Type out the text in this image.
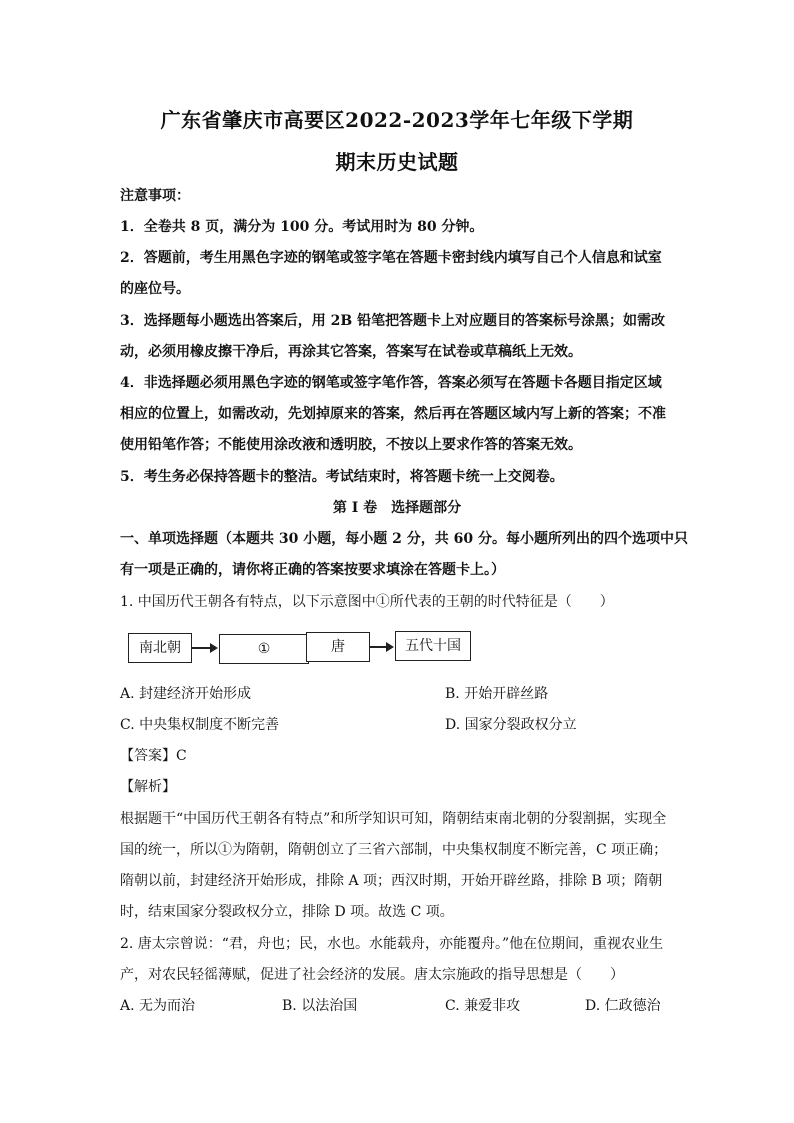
广东省肇庆市高要区2022-2023学年七年级下学期
期末历史试题
注意事项：
1．全卷共 8 页，满分为 100 分。考试用时为 80 分钟。
2．答题前，考生用黑色字迹的钢笔或签字笔在答题卡密封线内填写自己个人信息和试室
的座位号。
3．选择题每小题选出答案后，用 2B 铅笔把答题卡上对应题目的答案标号涂黑；如需改
动，必须用橡皮擦干净后，再涂其它答案，答案写在试卷或草稿纸上无效。
4．非选择题必须用黑色字迹的钢笔或签字笔作答，答案必须写在答题卡各题目指定区域
相应的位置上，如需改动，先划掉原来的答案，然后再在答题区域内写上新的答案；不准
使用铅笔作答；不能使用涂改液和透明胶，不按以上要求作答的答案无效。
5．考生务必保持答题卡的整洁。考试结束时，将答题卡统一上交阅卷。
第 I 卷　选择题部分
一、单项选择题（本题共 30 小题，每小题 2 分，共 60 分。每小题所列出的四个选项中只
有一项是正确的，请你将正确的答案按要求填涂在答题卡上。）
1. 中国历代王朝各有特点，以下示意图中①所代表的王朝的时代特征是（　　）
南北朝	①	唐	五代十国
A. 封建经济开始形成	B. 开始开辟丝路
C. 中央集权制度不断完善	D. 国家分裂政权分立
【答案】C
【解析】
根据题干“中国历代王朝各有特点”和所学知识可知，隋朝结束南北朝的分裂割据，实现全
国的统一，所以①为隋朝，隋朝创立了三省六部制，中央集权制度不断完善，C 项正确；
隋朝以前，封建经济开始形成，排除 A 项；西汉时期，开始开辟丝路，排除 B 项；隋朝
时，结束国家分裂政权分立，排除 D 项。故选 C 项。
2. 唐太宗曾说：“君，舟也；民，水也。水能载舟，亦能覆舟。”他在位期间，重视农业生
产，对农民轻徭薄赋，促进了社会经济的发展。唐太宗施政的指导思想是（　　）
A. 无为而治	B. 以法治国	C. 兼爱非攻	D. 仁政德治
